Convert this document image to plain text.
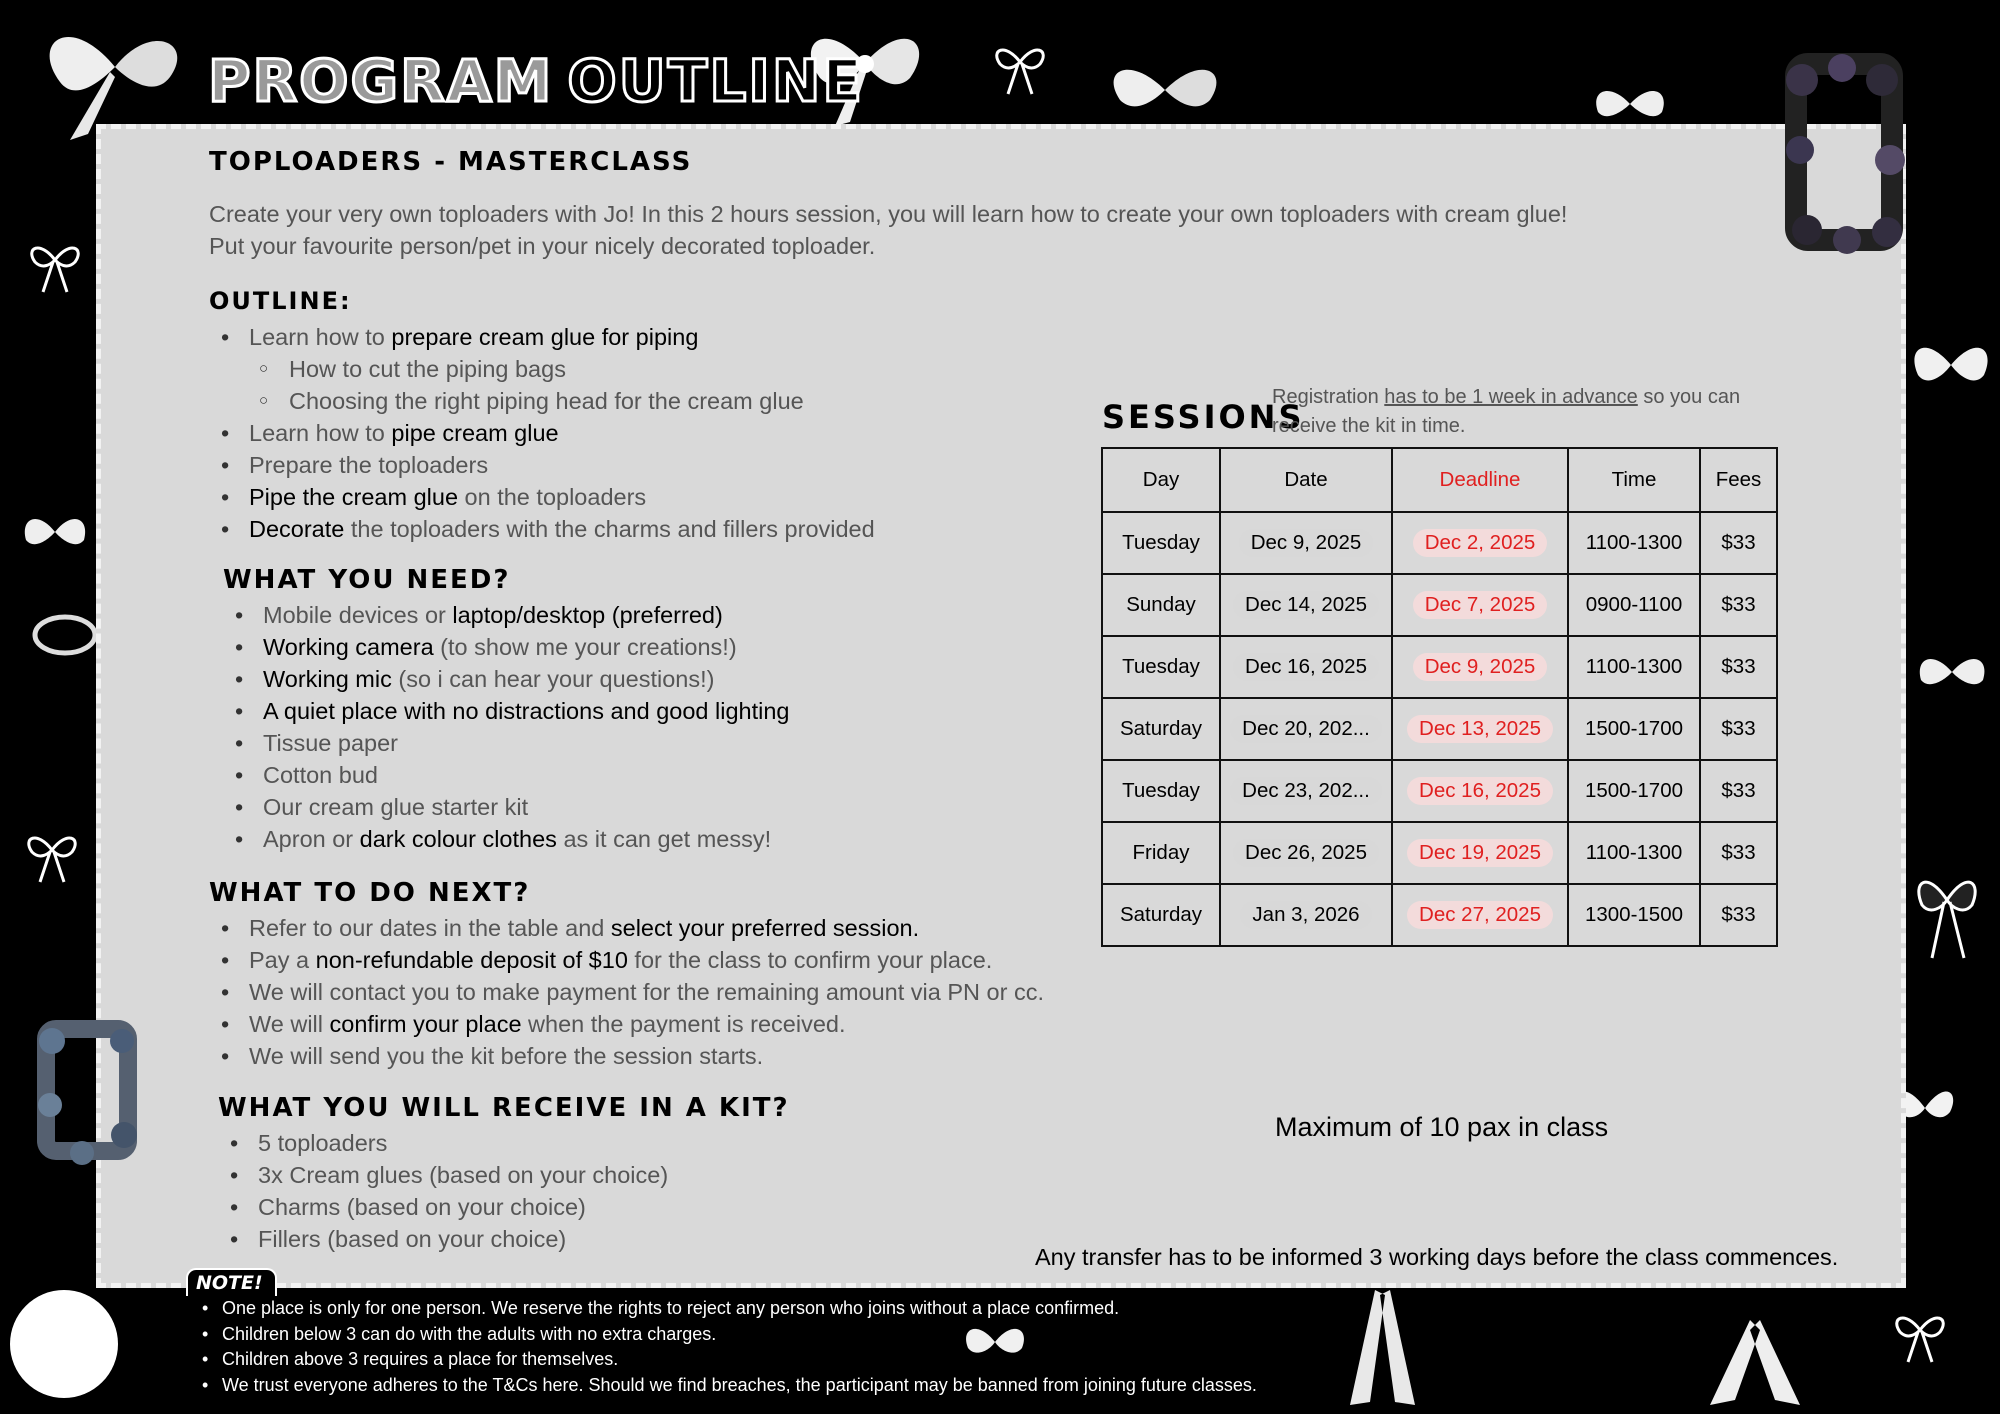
PROGRAM OUTLINE
TOPLOADERS - MASTERCLASS

Create your very own toploaders with Jo! In this 2 hours session, you will learn how to create your own toploaders with cream glue!

Put your favourite person/pet in your nicely decorated toploader.

OUTLINE:
• Learn how to prepare cream glue for piping
○ How to cut the piping bags
○ Choosing the right piping head for the cream glue
• Learn how to pipe cream glue
• Prepare the toploaders
• Pipe the cream glue on the toploaders
• Decorate the toploaders with the charms and fillers provided
WHAT YOU NEED?
• Mobile devices or laptop/desktop (preferred)
• Working camera (to show me your creations!)
• Working mic (so i can hear your questions!)
• A quiet place with no distractions and good lighting
• Tissue paper
• Cotton bud
• Our cream glue starter kit
• Apron or dark colour clothes as it can get messy!
WHAT TO DO NEXT?
• Refer to our dates in the table and select your preferred session.
• Pay a non-refundable deposit of $10 for the class to confirm your place.
• We will contact you to make payment for the remaining amount via PN or cc.
• We will confirm your place when the payment is received.
• We will send you the kit before the session starts.
WHAT YOU WILL RECEIVE IN A KIT?
• 5 toploaders
• 3x Cream glues (based on your choice)
• Charms (based on your choice)
• Fillers (based on your choice)
SESSIONS
Registration has to be 1 week in advance so you can receive the kit in time.
Day	Date	Deadline	Time	Fees
Tuesday	Dec 9, 2025	Dec 2, 2025	1100-1300	$33
Sunday	Dec 14, 2025	Dec 7, 2025	0900-1100	$33
Tuesday	Dec 16, 2025	Dec 9, 2025	1100-1300	$33
Saturday	Dec 20, 202...	Dec 13, 2025	1500-1700	$33
Tuesday	Dec 23, 202...	Dec 16, 2025	1500-1700	$33
Friday	Dec 26, 2025	Dec 19, 2025	1100-1300	$33
Saturday	Jan 3, 2026	Dec 27, 2025	1300-1500	$33
Maximum of 10 pax in class
Any transfer has to be informed 3 working days before the class commences.
NOTE!
• One place is only for one person. We reserve the rights to reject any person who joins without a place confirmed.
• Children below 3 can do with the adults with no extra charges.
• Children above 3 requires a place for themselves.
• We trust everyone adheres to the T&Cs here. Should we find breaches, the participant may be banned from joining future classes.
